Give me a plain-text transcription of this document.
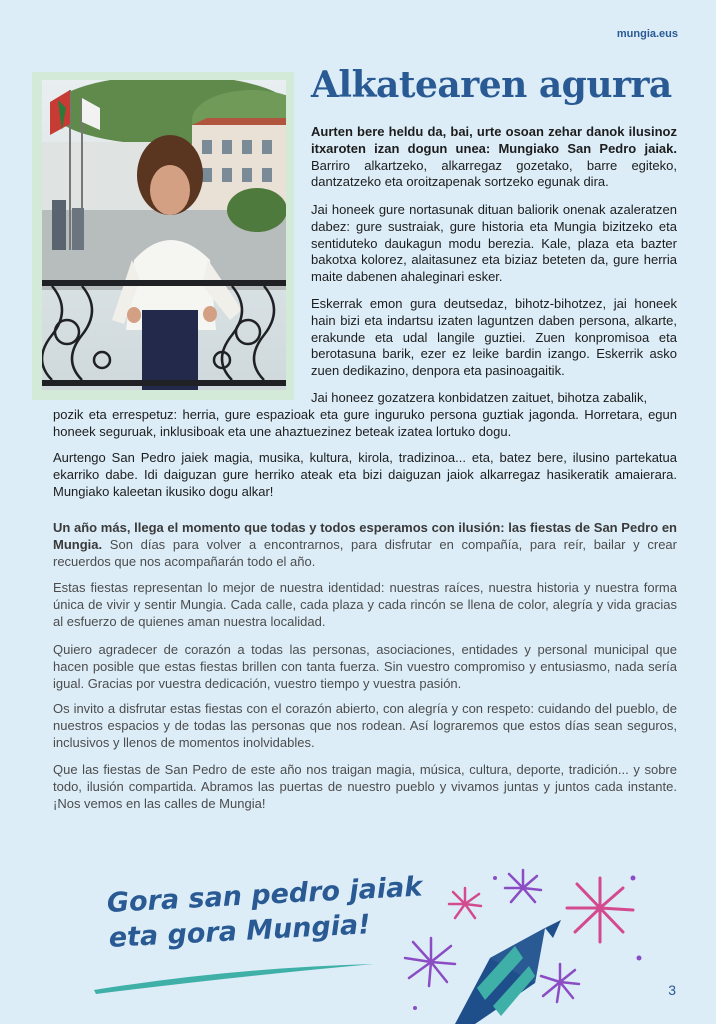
mungia.eus
Alkatearen agurra

Aurten bere heldu da, bai, urte osoan zehar danok ilusinoz itxaroten izan dogun unea: Mungiako San Pedro jaiak. Barriro alkartzeko, alkarregaz gozetako, barre egiteko, dantzatzeko eta oroitzapenak sortzeko egunak dira.

Jai honeek gure nortasunak dituan baliorik onenak azaleratzen dabez: gure sustraiak, gure historia eta Mungia bizitzeko eta sentiduteko daukagun modu berezia. Kale, plaza eta bazter bakotxa kolorez, alaitasunez eta biziaz beteten da, gure herria maite dabenen ahaleginari esker.

Eskerrak emon gura deutsedaz, bihotz-bihotzez, jai honeek hain bizi eta indartsu izaten laguntzen daben persona, alkarte, erakunde eta udal langile guztiei. Zuen konpromisoa eta berotasuna barik, ezer ez leike bardin izango. Eskerrik asko zuen dedikazino, denpora eta pasinoagaitik.

Jai honeez gozatzera konbidatzen zaituet, bihotza zabalik,

pozik eta errespetuz: herria, gure espazioak eta gure inguruko persona guztiak jagonda. Horretara, egun honeek seguruak, inklusiboak eta une ahaztuezinez beteak izatea lortuko dogu.

Aurtengo San Pedro jaiek magia, musika, kultura, kirola, tradizinoa... eta, batez bere, ilusino partekatua ekarriko dabe. Idi daiguzan gure herriko ateak eta bizi daiguzan jaiok alkarregaz hasikeratik amaierara. Mungiako kaleetan ikusiko dogu alkar!

Un año más, llega el momento que todas y todos esperamos con ilusión: las fiestas de San Pedro en Mungia. Son días para volver a encontrarnos, para disfrutar en compañía, para reír, bailar y crear recuerdos que nos acompañarán todo el año.

Estas fiestas representan lo mejor de nuestra identidad: nuestras raíces, nuestra historia y nuestra forma única de vivir y sentir Mungia. Cada calle, cada plaza y cada rincón se llena de color, alegría y vida gracias al esfuerzo de quienes aman nuestra localidad.

Quiero agradecer de corazón a todas las personas, asociaciones, entidades y personal municipal que hacen posible que estas fiestas brillen con tanta fuerza. Sin vuestro compromiso y entusiasmo, nada sería igual. Gracias por vuestra dedicación, vuestro tiempo y vuestra pasión.

Os invito a disfrutar estas fiestas con el corazón abierto, con alegría y con respeto: cuidando del pueblo, de nuestros espacios y de todas las personas que nos rodean. Así lograremos que estos días sean seguros, inclusivos y llenos de momentos inolvidables.

Que las fiestas de San Pedro de este año nos traigan magia, música, cultura, deporte, tradición... y sobre todo, ilusión compartida. Abramos las puertas de nuestro pueblo y vivamos juntas y juntos cada instante. ¡Nos vemos en las calles de Mungia!

Gora san pedro jaiak
eta gora Mungia!
3
